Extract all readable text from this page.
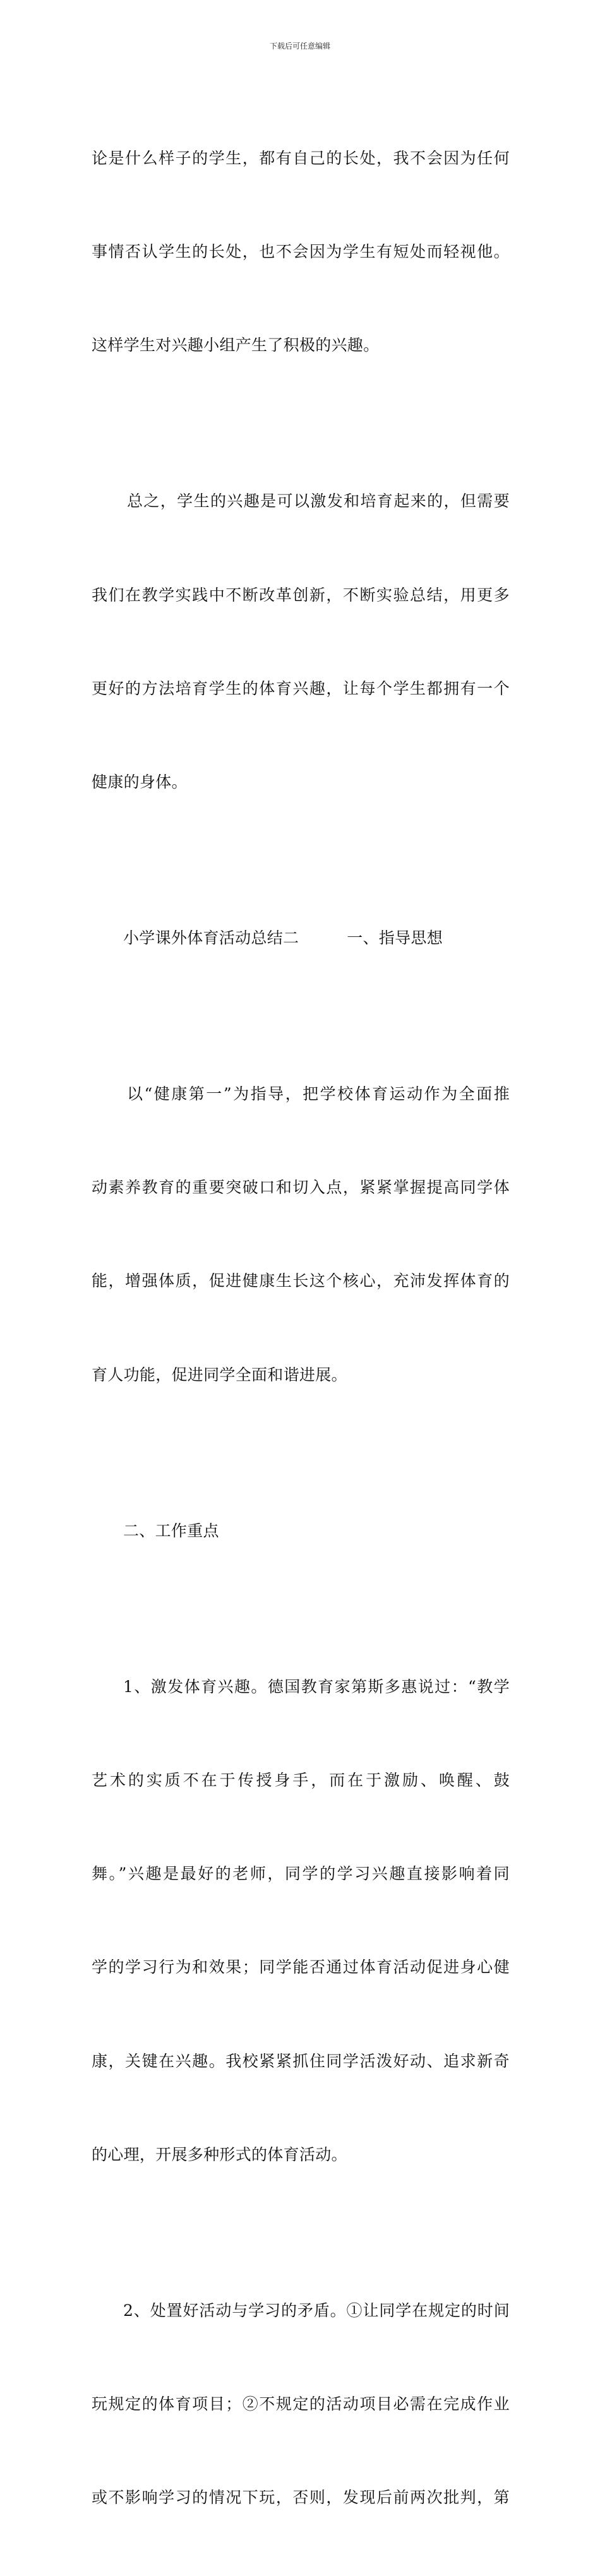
下载后可任意编辑

论是什么样子的学生，都有自己的长处，我不会因为任何

事情否认学生的长处，也不会因为学生有短处而轻视他。

这样学生对兴趣小组产生了积极的兴趣。

总之，学生的兴趣是可以激发和培育起来的，但需要

我们在教学实践中不断改革创新，不断实验总结，用更多

更好的方法培育学生的体育兴趣，让每个学生都拥有一个

健康的身体。

小学课外体育活动总结二　　　一、指导思想

以“健康第一”为指导，把学校体育运动作为全面推

动素养教育的重要突破口和切入点，紧紧掌握提高同学体

能，增强体质，促进健康生长这个核心，充沛发挥体育的

育人功能，促进同学全面和谐进展。

二、工作重点

1、激发体育兴趣。德国教育家第斯多惠说过：“教学

艺术的实质不在于传授身手，而在于激励、唤醒、鼓

舞。”兴趣是最好的老师，同学的学习兴趣直接影响着同

学的学习行为和效果；同学能否通过体育活动促进身心健

康，关键在兴趣。我校紧紧抓住同学活泼好动、追求新奇

的心理，开展多种形式的体育活动。

2、处置好活动与学习的矛盾。①让同学在规定的时间

玩规定的体育项目；②不规定的活动项目必需在完成作业

或不影响学习的情况下玩，否则，发现后前两次批判，第
